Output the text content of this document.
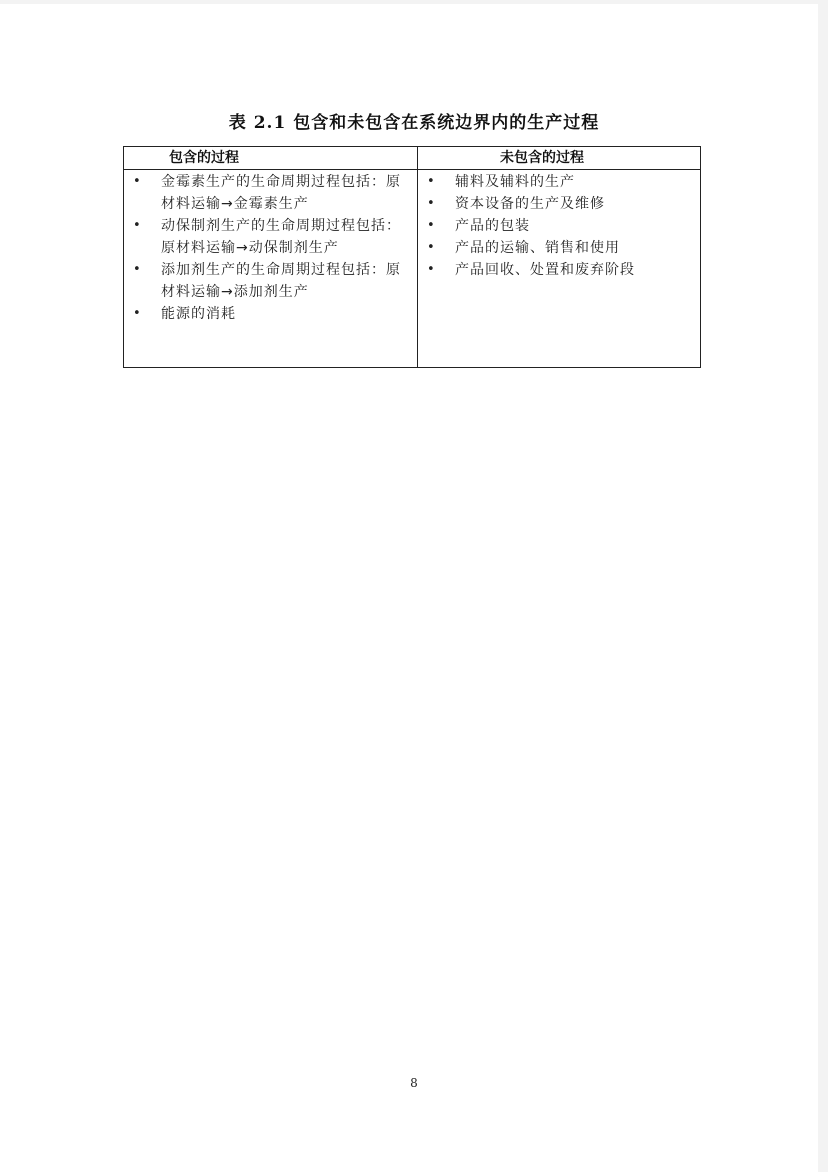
表 2.1 包含和未包含在系统边界内的生产过程
包含的过程	未包含的过程
• 金霉素生产的生命周期过程包括：原材料运输→金霉素生产
• 动保制剂生产的生命周期过程包括：原材料运输→动保制剂生产
• 添加剂生产的生命周期过程包括：原材料运输→添加剂生产
• 能源的消耗
• 辅料及辅料的生产
• 资本设备的生产及维修
• 产品的包装
• 产品的运输、销售和使用
• 产品回收、处置和废弃阶段
8
